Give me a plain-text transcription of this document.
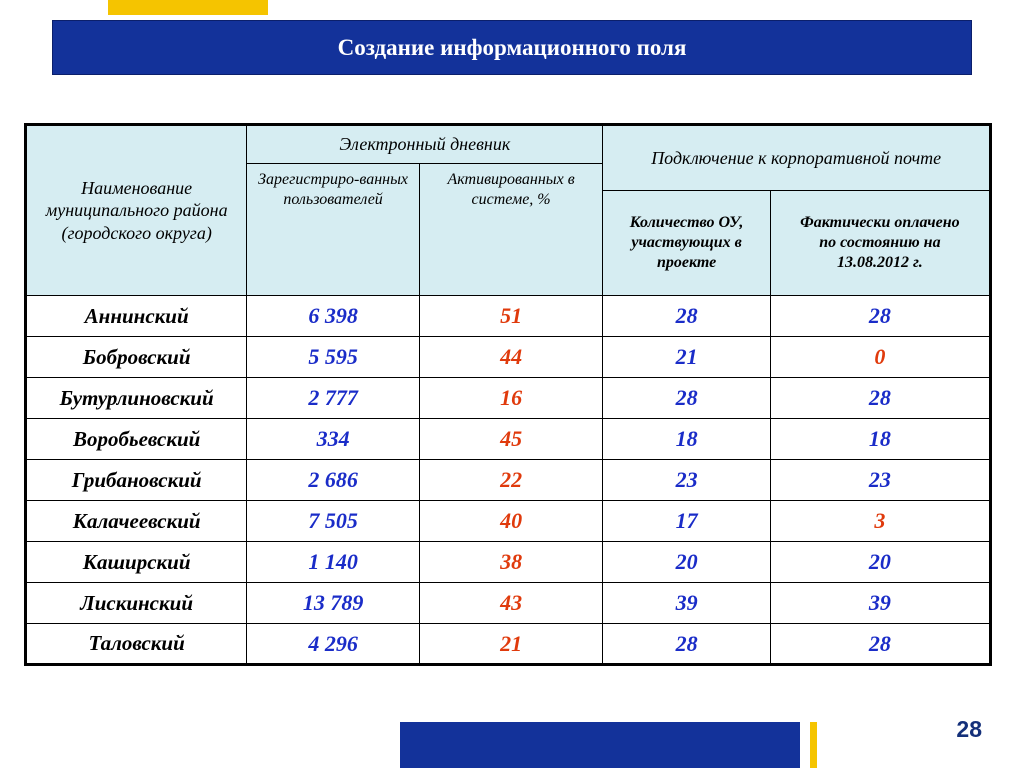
Создание информационного поля
Наименование муниципального района (городского округа)	Электронный дневник		Подключение к корпоративной почте	
	Зарегистриро-ванных пользователей	Активированных в системе, %		
			Количество ОУ, участвующих в проекте	Фактически оплачено по состоянию на 13.08.2012 г.
Аннинский	6 398	51	28	28
Бобровский	5 595	44	21	0
Бутурлиновский	2 777	16	28	28
Воробьевский	334	45	18	18
Грибановский	2 686	22	23	23
Калачеевский	7 505	40	17	3
Каширский	1 140	38	20	20
Лискинский	13 789	43	39	39
Таловский	4 296	21	28	28
28
